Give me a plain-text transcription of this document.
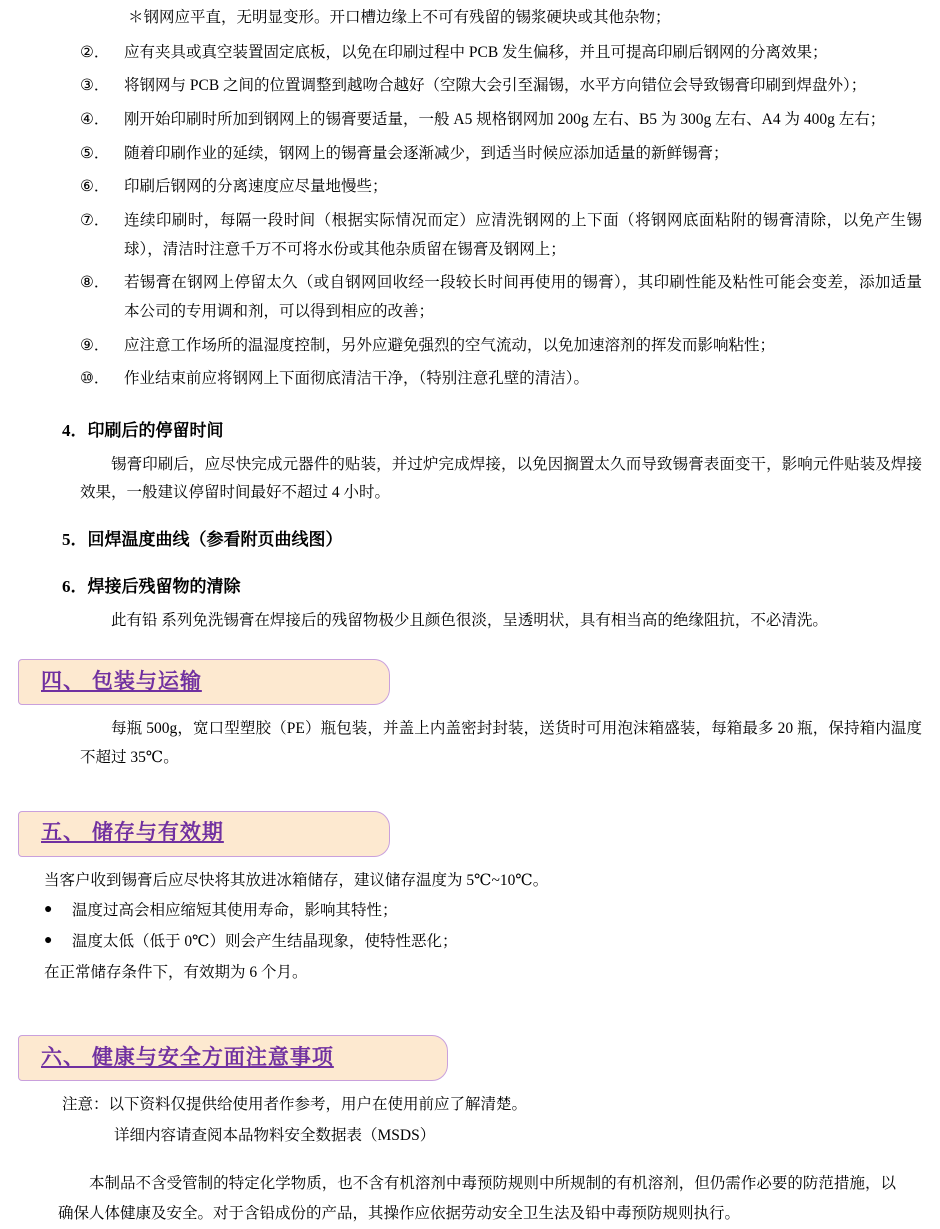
＊钢网应平直，无明显变形。开口槽边缘上不可有残留的锡浆硬块或其他杂物；
②． 应有夹具或真空装置固定底板，以免在印刷过程中 PCB 发生偏移，并且可提高印刷后钢网的分离效果；
③． 将钢网与 PCB 之间的位置调整到越吻合越好（空隙大会引至漏锡，水平方向错位会导致锡膏印刷到焊盘外）；
④． 刚开始印刷时所加到钢网上的锡膏要适量，一般 A5 规格钢网加 200g 左右、B5 为 300g 左右、A4 为 400g 左右；
⑤． 随着印刷作业的延续，钢网上的锡膏量会逐渐减少，到适当时候应添加适量的新鲜锡膏；
⑥． 印刷后钢网的分离速度应尽量地慢些；
⑦． 连续印刷时，每隔一段时间（根据实际情况而定）应清洗钢网的上下面（将钢网底面粘附的锡膏清除，以免产生锡球），清洁时注意千万不可将水份或其他杂质留在锡膏及钢网上；
⑧． 若锡膏在钢网上停留太久（或自钢网回收经一段较长时间再使用的锡膏），其印刷性能及粘性可能会变差，添加适量本公司的专用调和剂，可以得到相应的改善；
⑨． 应注意工作场所的温湿度控制，另外应避免强烈的空气流动，以免加速溶剂的挥发而影响粘性；
⑩． 作业结束前应将钢网上下面彻底清洁干净，（特别注意孔壁的清洁）。
4．印刷后的停留时间
锡膏印刷后，应尽快完成元器件的贴装，并过炉完成焊接，以免因搁置太久而导致锡膏表面变干，影响元件贴装及焊接效果，一般建议停留时间最好不超过 4 小时。
5．回焊温度曲线（参看附页曲线图）
6．焊接后残留物的清除
此有铅 系列免洗锡膏在焊接后的残留物极少且颜色很淡，呈透明状，具有相当高的绝缘阻抗，不必清洗。
四、 包装与运输
每瓶 500g，宽口型塑胶（PE）瓶包装，并盖上内盖密封封装，送货时可用泡沫箱盛装，每箱最多 20 瓶，保持箱内温度不超过 35℃。
五、 储存与有效期
当客户收到锡膏后应尽快将其放进冰箱储存，建议储存温度为 5℃~10℃。
●	温度过高会相应缩短其使用寿命，影响其特性；
●	温度太低（低于 0℃）则会产生结晶现象，使特性恶化；
在正常储存条件下，有效期为 6 个月。
六、 健康与安全方面注意事项
注意：以下资料仅提供给使用者作参考，用户在使用前应了解清楚。
详细内容请查阅本品物料安全数据表（MSDS）
本制品不含受管制的特定化学物质，也不含有机溶剂中毒预防规则中所规制的有机溶剂，但仍需作必要的防范措施，以确保人体健康及安全。对于含铅成份的产品，其操作应依据劳动安全卫生法及铅中毒预防规则执行。
